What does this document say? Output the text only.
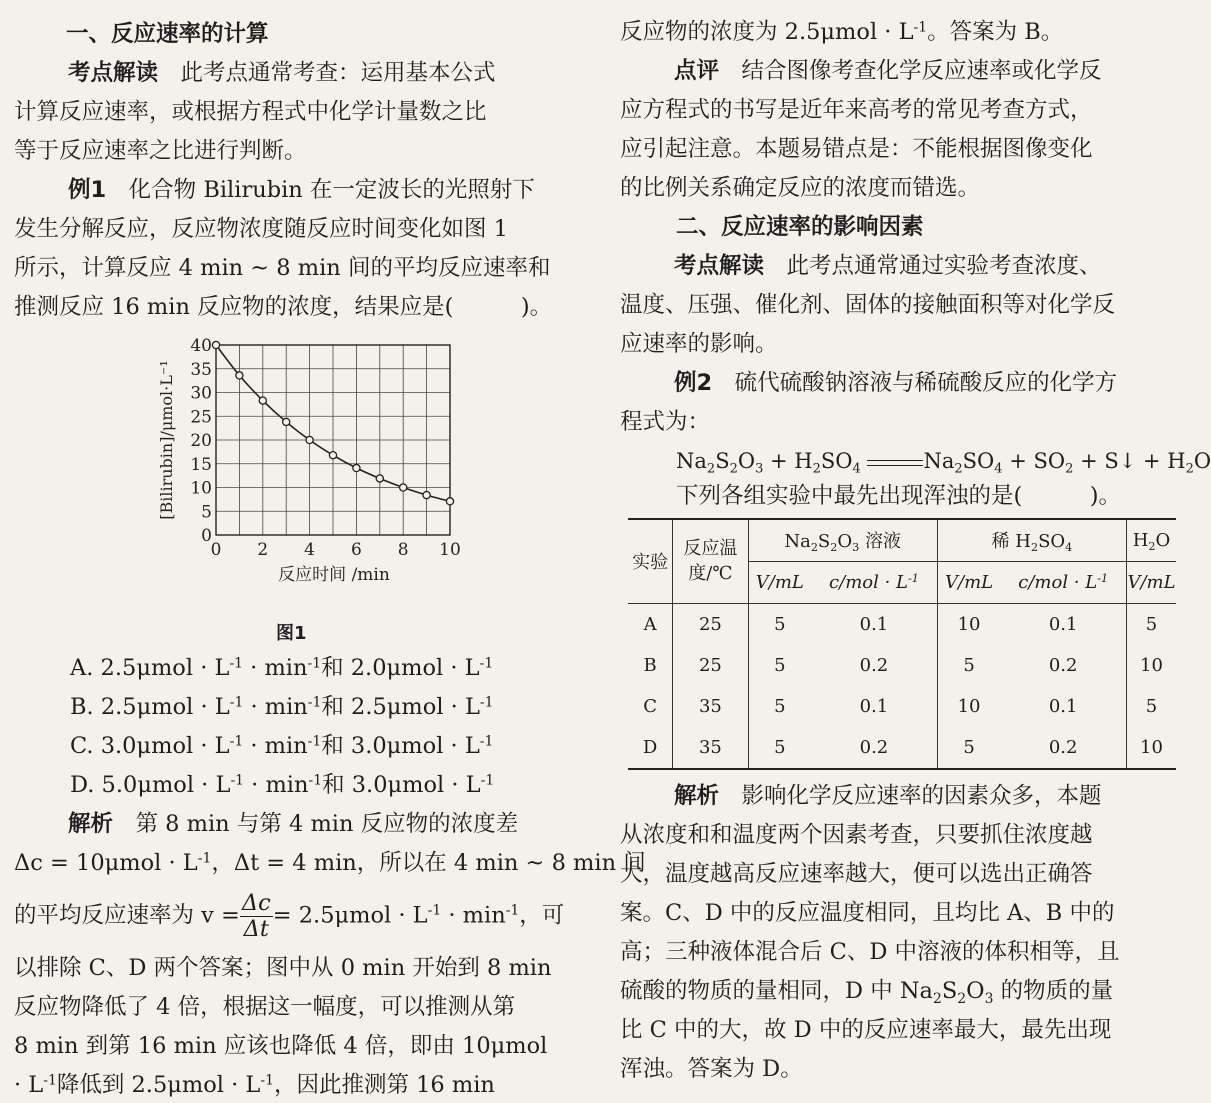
一、反应速率的计算
考点解读　 此考点通常考查：运用基本公式
计算反应速率，或根据方程式中化学计量数之比
等于反应速率之比进行判断。
例1　 化合物 Bilirubin 在一定波长的光照射下
发生分解反应，反应物浓度随反应时间变化如图 1
所示，计算反应 4 min ~ 8 min 间的平均反应速率和
推测反应 16 min 反应物的浓度，结果应是(　　　)。
图1
A. $2.5\mu mol \cdot L^{-1} \cdot \min^{-1}$和 $2.0\mu mol \cdot L^{-1}$
B. $2.5\mu mol \cdot L^{-1} \cdot \min^{-1}$和 $2.5\mu mol \cdot L^{-1}$
C. $3.0\mu mol \cdot L^{-1} \cdot \min^{-1}$和 $3.0\mu mol \cdot L^{-1}$
D. $5.0\mu mol \cdot L^{-1} \cdot \min^{-1}$和 $3.0\mu mol \cdot L^{-1}$
解析　 第 8 min 与第 4 min 反应物的浓度差
$\Delta c = 10\mu mol \cdot L^{-1}$，Δt = 4 min，所以在 4 min ~ 8 min 间
的平均反应速率为 $v = \frac{\Delta c}{\Delta t} = 2.5\mu mol \cdot L^{-1} \cdot \min^{-1}$，可
以排除 C、D 两个答案；图中从 0 min 开始到 8 min
反应物降低了 4 倍，根据这一幅度，可以推测从第
8 min 到第 16 min 应该也降低 4 倍，即由 10μmol
· $L^{-1}$降低到 $2.5\mu mol \cdot L^{-1}$，因此推测第 16 min
0 2 4 6 8 10
0
5
10
15
20
25
30
35
40
反应时间 /min
[Bilirubin]/μmol·L⁻¹
反应物的浓度为 $2.5\mu mol \cdot L^{-1}$。答案为 B。
点评　 结合图像考查化学反应速率或化学反
应方程式的书写是近年来高考的常见考查方式，
应引起注意。本题易错点是：不能根据图像变化
的比例关系确定反应的浓度而错选。
二、反应速率的影响因素
考点解读　 此考点通常通过实验考查浓度、
温度、压强、催化剂、固体的接触面积等对化学反
应速率的影响。
例2　 硫代硫酸钠溶液与稀硫酸反应的化学方
程式为：
$Na_2S_2O_3 + H_2SO_4$	$Na_2SO_4 + SO_2$ + S↓ + $H_2O$
下列各组实验中最先出现浑浊的是(　　　)。
解析　 影响化学反应速率的因素众多，本题
从浓度和和温度两个因素考查，只要抓住浓度越
大，温度越高反应速率越大，便可以选出正确答
案。C、D 中的反应温度相同，且均比 A、B 中的
高；三种液体混合后 C、D 中溶液的体积相等，且
硫酸的物质的量相同，D 中 $Na_2S_2O_3$ 的物质的量
比 C 中的大，故 D 中的反应速率最大，最先出现
浑浊。答案为 D。
实验	反应温
度/℃	$Na_2S_2O_3$ 溶液		稀 $H_2SO_4$		$H_2O$
		V/mL	$c/mol \cdot L^{-1}$	V/mL	$c/mol \cdot L^{-1}$	V/mL
A	25	5	0.1	10	0.1	5
B	25	5	0.2	5	0.2	10
C	35	5	0.1	10	0.1	5
D	35	5	0.2	5	0.2	10
